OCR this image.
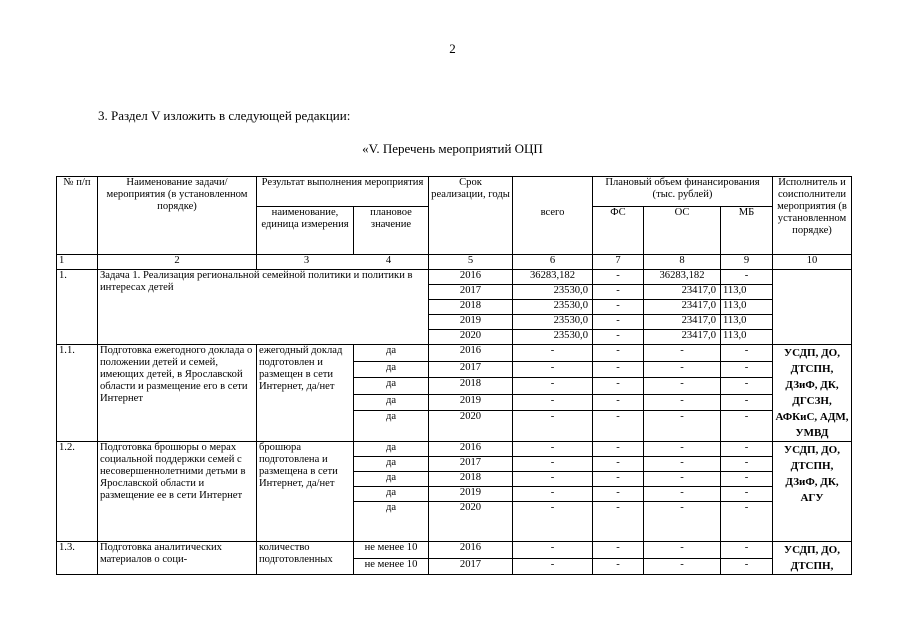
2
3. Раздел V изложить в следующей редакции:
«V. Перечень мероприятий ОЦП
№ п/п	Наименование задачи/мероприятия (в установленном порядке)	Результат выполнения мероприятия		Срок реализации, годы		Плановый объем финансирования (тыс. рублей)			Исполнитель и соисполнители мероприятия (в установленном порядке)
		наименование, единица измерения	плановое значение		всего	ФС	ОС	МБ	
1	2	3 4		5	6	7	8	9	10
1.	Задача 1. Реализация региональной семейной политики и политики в интересах детей			2016	36283,182	-	36283,182	-	
				2017	23530,0	-	23417,0	113,0	
				2018	23530,0	-	23417,0	113,0	
				2019	23530,0	-	23417,0	113,0	
				2020	23530,0	-	23417,0	113,0	
1.1.	Подготовка ежегодного доклада о положении детей и семей, имеющих детей, в Ярославской области и размещение его в сети Интернет	ежегодный доклад подготовлен и размещен в сети Интернет, да/нет	да	2016	-	-	-	-	УСДП, ДО, ДТСПН, ДЗиФ, ДК, ДГСЗН, АФКиС, АДМ, УМВД
			да	2017	-	-	-	-	
			да	2018	-	-	-	-	
			да	2019	-	-	-	-	
			да	2020	-	-	-	-	
1.2.	Подготовка брошюры о мерах социальной поддержки семей с несовершеннолетними детьми в Ярославской области и размещение ее в сети Интернет	брошюра подготовлена и размещена в сети Интернет, да/нет	да	2016	-	-	-	-	УСДП, ДО, ДТСПН, ДЗиФ, ДК, АГУ
			да	2017	-	-	-	-	
			да	2018	-	-	-	-	
			да	2019	-	-	-	-	
			да	2020	-	-	-	-	
1.3.	Подготовка аналитических материалов о соци-	количество подготовленных	не менее 10	2016	-	-	-	-	УСДП, ДО, ДТСПН,
			не менее 10	2017	-	-	-	-	
